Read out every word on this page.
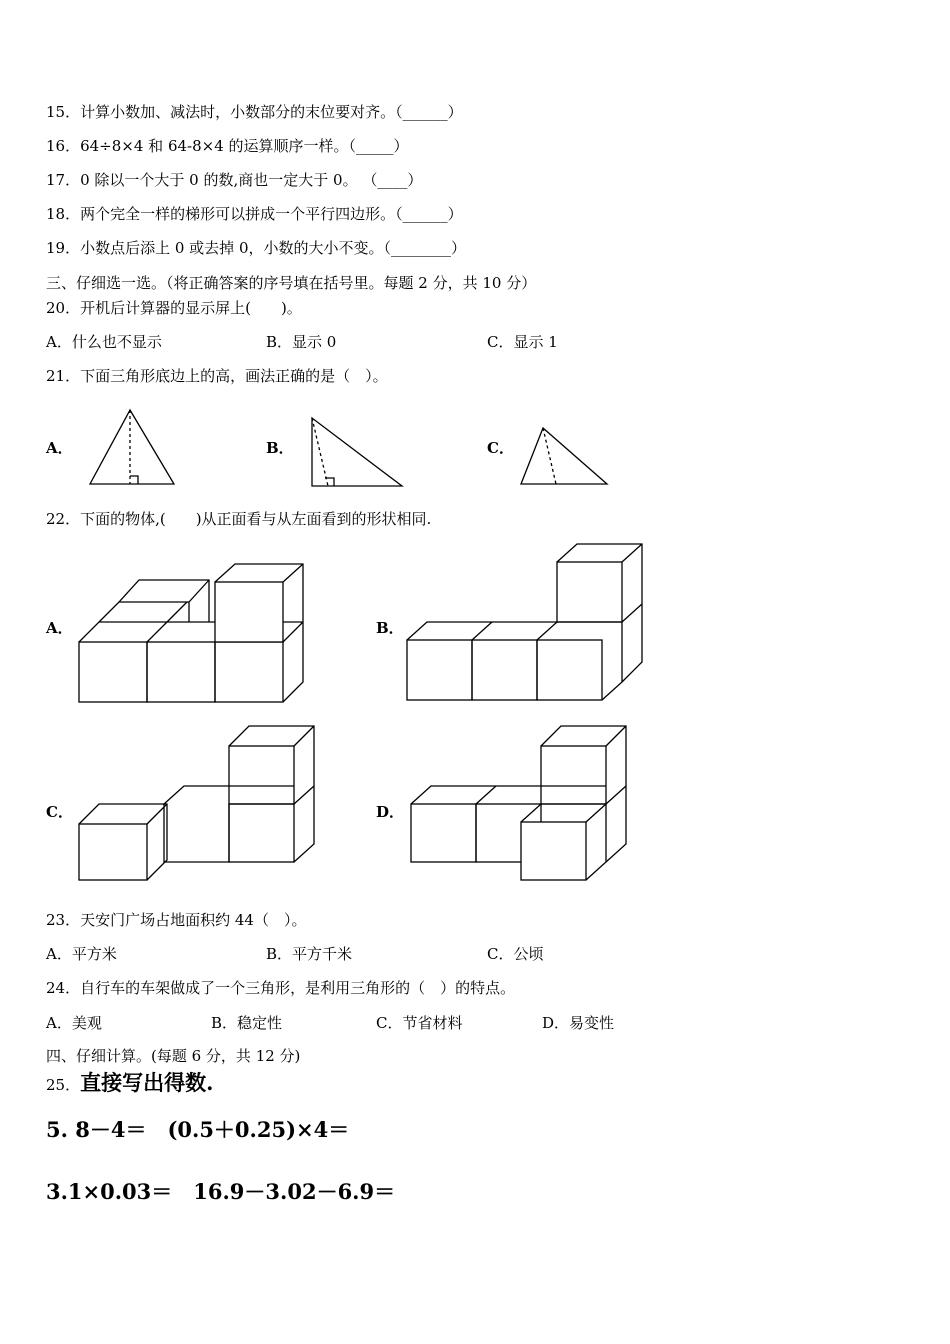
15．计算小数加、减法时，小数部分的末位要对齐。（______）
16．64÷8×4 和 64-8×4 的运算顺序一样。（_____）
17．0 除以一个大于 0 的数,商也一定大于 0。 （____）
18．两个完全一样的梯形可以拼成一个平行四边形。（______）
19．小数点后添上 0 或去掉 0，小数的大小不变。（________）
三、仔细选一选。（将正确答案的序号填在括号里。每题 2 分，共 10 分）
20．开机后计算器的显示屏上(　　)。
A．什么也不显示	B．显示 0	C．显示 1
21．下面三角形底边上的高，画法正确的是（　）。
A．	B．	C．
22．下面的物体,(　　)从正面看与从左面看到的形状相同.
A．	B．
C．	D．
23．天安门广场占地面积约 44（　）。
A．平方米	B．平方千米	C．公顷
24．自行车的车架做成了一个三角形，是利用三角形的（　）的特点。
A．美观	B．稳定性	C．节省材料	D．易变性
四、仔细计算。(每题 6 分，共 12 分)
25．直接写出得数.
5. 8－4＝　(0.5＋0.25)×4＝
3.1×0.03＝　16.9－3.02－6.9＝
